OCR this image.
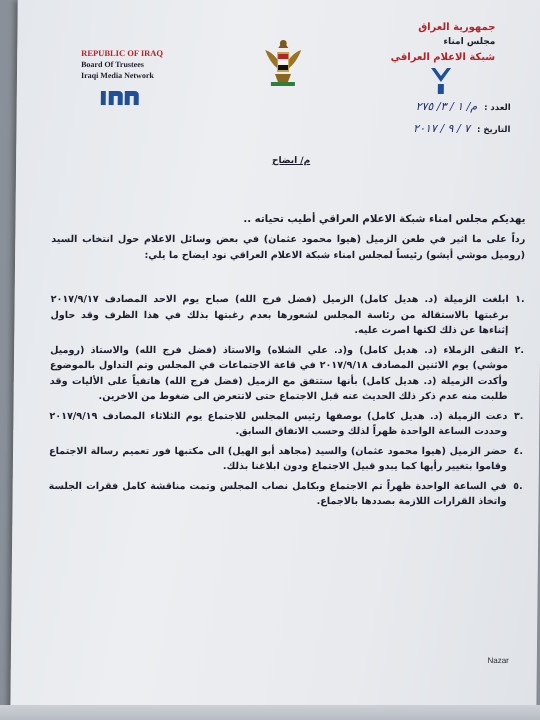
REPUBLIC OF IRAQ
Board Of Trustees
Iraqi Media Network
جمهورية العراق
مجلس امناء
شبكة الاعلام العراقي
العدد : م/ ١ / ٣/ ٢٧٥
التاريخ : ٧ / ٩ / ٢٠١٧
م/ ايضاح
يهديكم مجلس امناء شبكة الاعلام العراقي أطيب تحياته ..
رداً على ما اثير في طعن الزميل (هيوا محمود عثمان) في بعض وسائل الاعلام حول انتخاب السيد (روميل موشي أيشو) رئيساً لمجلس امناء شبكة الاعلام العراقي نود ايضاح ما يلي:
.١
ابلغت الزميلة (د. هديل كامل) الزميل (فضل فرج الله) صباح يوم الاحد المصادف ٢٠١٧/٩/١٧ برغبتها بالاستقالة من رئاسة المجلس لشعورها بعدم رغبتها بذلك في هذا الظرف وقد حاول إثناءها عن ذلك لكنها اصرت عليه.
.٢
التقى الزملاء (د. هديل كامل) و(د. علي الشلاه) والاستاذ (فضل فرج الله) والاستاذ (روميل موشي) يوم الاثنين المصادف ٢٠١٧/٩/١٨ في قاعة الاجتماعات في المجلس وتم التداول بالموضوع وأكدت الزميلة (د. هديل كامل) بأنها ستتفق مع الزميل (فضل فرج الله) هاتفياً على الأليات وقد طلبت منه عدم ذكر ذلك الحديث عنه قبل الاجتماع حتى لاتتعرض الى ضغوط من الاخرين.
.٣
دعت الزميلة (د. هديل كامل) بوصفها رئيس المجلس للاجتماع يوم الثلاثاء المصادف ٢٠١٧/٩/١٩ وحددت الساعة الواحدة ظهراً لذلك وحسب الاتفاق السابق.
.٤
حضر الزميل (هيوا محمود عثمان) والسيد (مجاهد أبو الهيل) الى مكتبها فور تعميم رسالة الاجتماع وقاموا بتغيير رأيها كما يبدو قبيل الاجتماع ودون ابلاغنا بذلك.
.٥
في الساعة الواحدة ظهراً تم الاجتماع وبكامل نصاب المجلس وتمت مناقشة كامل فقرات الجلسة واتخاذ القرارات اللازمة بصددها بالاجماع.
Nazar
